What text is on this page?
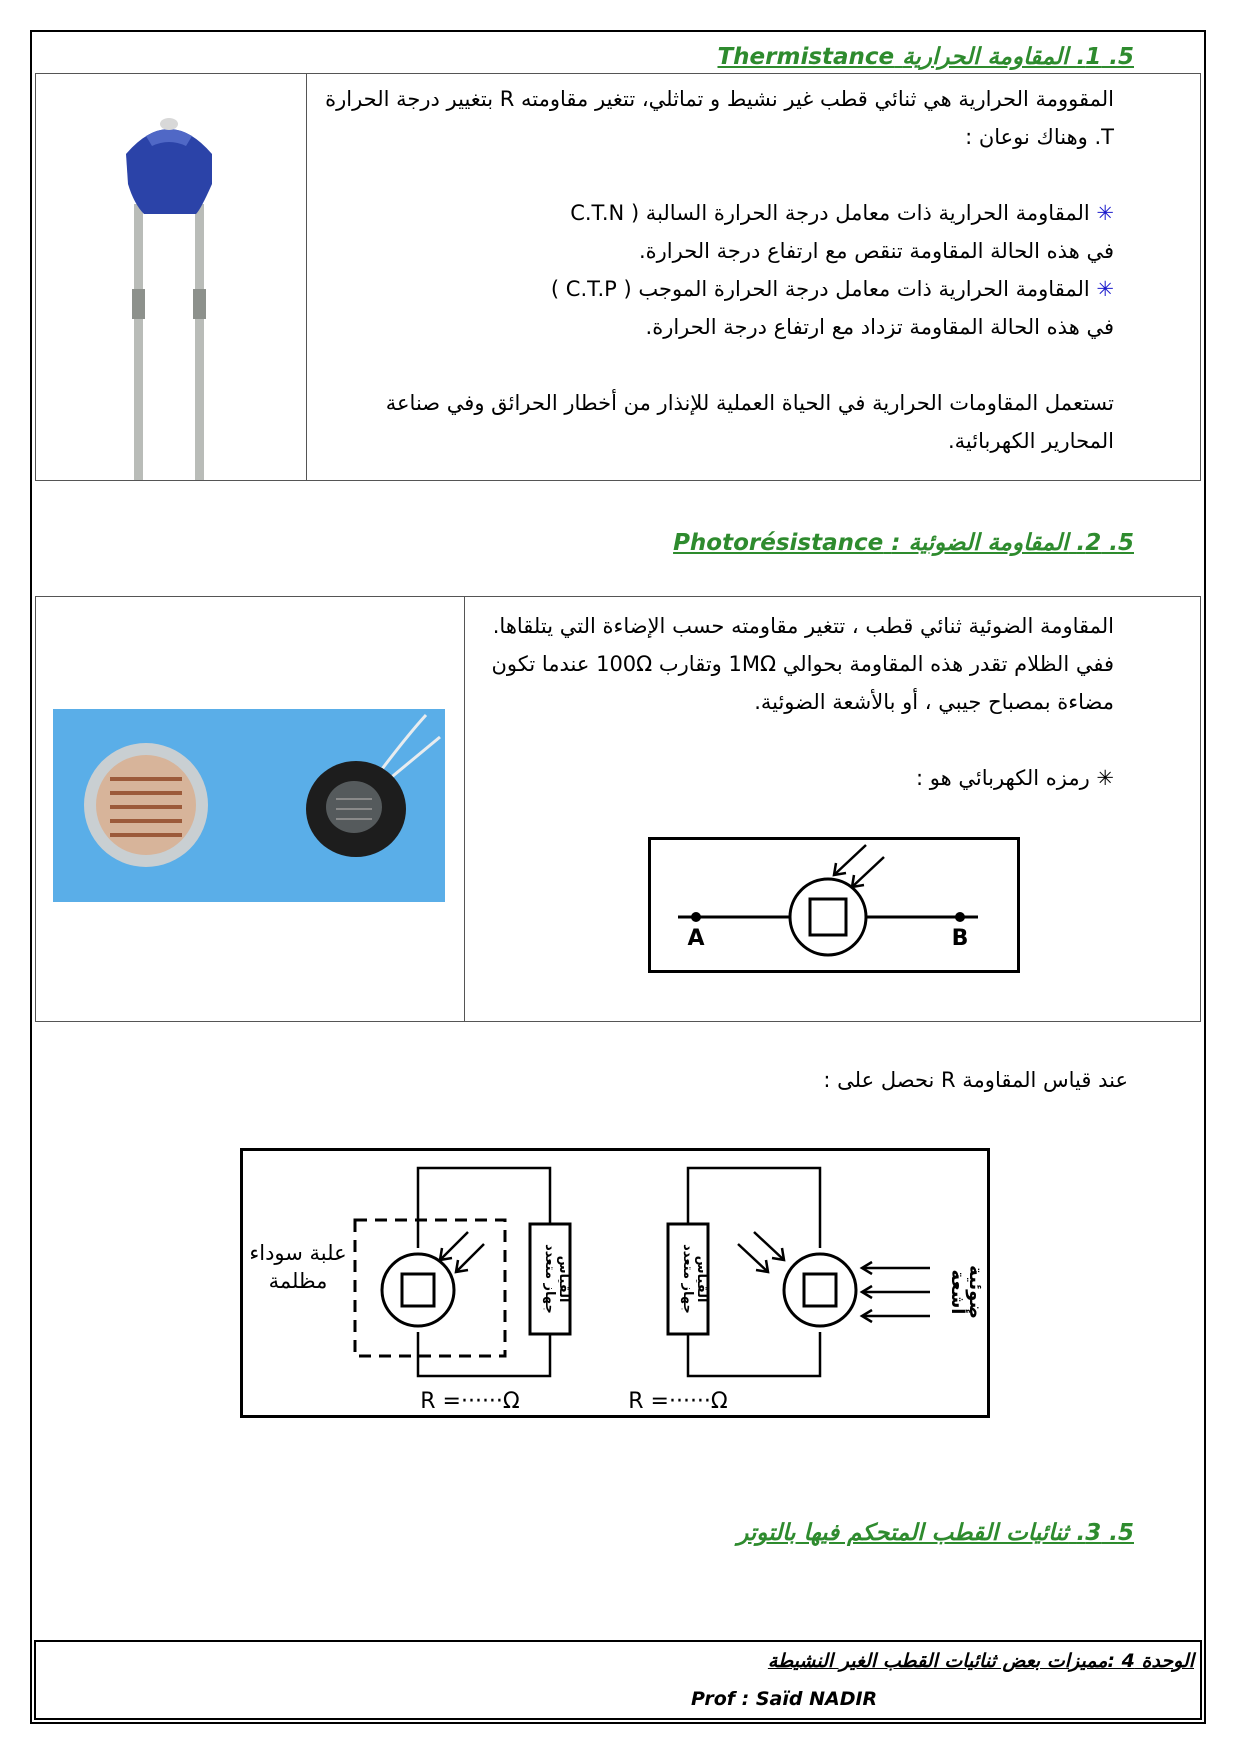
5. 1. المقاومة الحرارية Thermistance

المقوومة الحرارية هي ثنائي قطب غير نشيط و تماثلي، تتغير مقاومته R بتغيير درجة الحرارة T. وهناك نوعان :

✳ المقاومة الحرارية ذات معامل درجة الحرارة السالبة ( C.T.N

في هذه الحالة المقاومة تنقص مع ارتفاع درجة الحرارة.

✳ المقاومة الحرارية ذات معامل درجة الحرارة الموجب ( C.T.P )

في هذه الحالة المقاومة تزداد مع ارتفاع درجة الحرارة.

تستعمل المقاومات الحرارية في الحياة العملية للإنذار من أخطار الحرائق وفي صناعة المحارير الكهربائية.

5. 2. المقاومة الضوئية : Photorésistance

المقاومة الضوئية ثنائي قطب ، تتغير مقاومته حسب الإضاءة التي يتلقاها. ففي الظلام تقدر هذه المقاومة بحوالي 1MΩ وتقارب 100Ω عندما تكون مضاءة بمصباح جيبي ، أو بالأشعة الضوئية.

✳ رمزه الكهربائي هو :

A	B
عند قياس المقاومة R نحصل على :
جهاز متعدد القياس
علبة سوداء
مظلمة
R =······Ω
جهاز متعدد القياس	أشعة
ضوئية
R =······Ω
5. 3. ثنائيات القطب المتحكم فيها بالتوتر
الوحدة 4 :مميزات بعض ثنائيات القطب الغير النشيطة
Prof : Saïd NADIR
